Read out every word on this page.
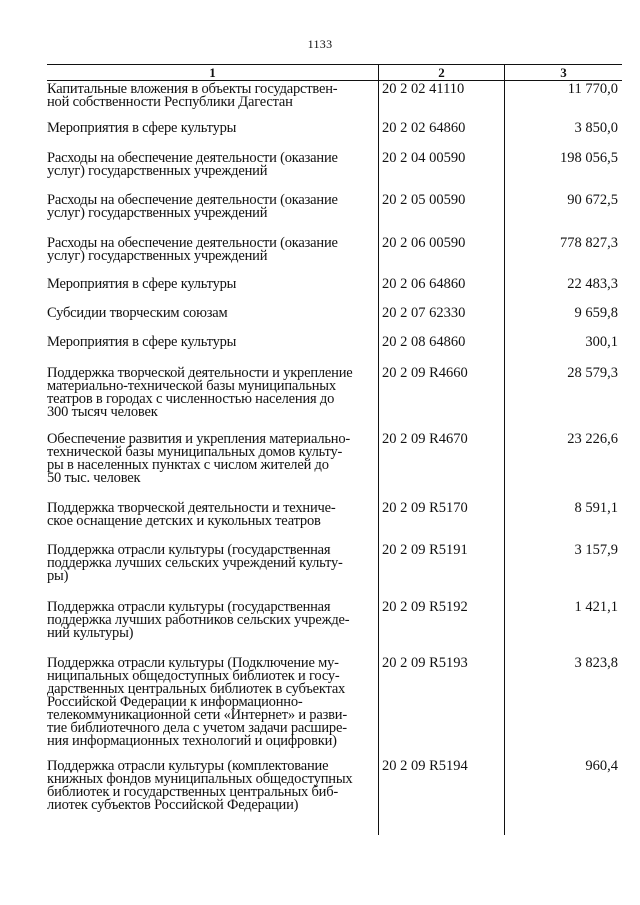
1133
1	2	3
Капитальные вложения в объекты государствен-
ной собственности Республики Дагестан
20 2 02 41110	11 770,0
Мероприятия в сфере культуры	20 2 02 64860	3 850,0
Расходы на обеспечение деятельности (оказание
услуг) государственных учреждений
20 2 04 00590	198 056,5
Расходы на обеспечение деятельности (оказание
услуг) государственных учреждений
20 2 05 00590	90 672,5
Расходы на обеспечение деятельности (оказание
услуг) государственных учреждений
20 2 06 00590	778 827,3
Мероприятия в сфере культуры	20 2 06 64860	22 483,3
Субсидии творческим союзам	20 2 07 62330	9 659,8
Мероприятия в сфере культуры	20 2 08 64860	300,1
Поддержка творческой деятельности и укрепление
материально-технической базы муниципальных
театров в городах с численностью населения до
300 тысяч человек
20 2 09 R4660	28 579,3
Обеспечение развития и укрепления материально-
технической базы муниципальных домов культу-
ры в населенных пунктах с числом жителей до
50 тыс. человек
20 2 09 R4670	23 226,6
Поддержка творческой деятельности и техниче-
ское оснащение детских и кукольных театров
20 2 09 R5170	8 591,1
Поддержка отрасли культуры (государственная
поддержка лучших сельских учреждений культу-
ры)
20 2 09 R5191	3 157,9
Поддержка отрасли культуры (государственная
поддержка лучших работников сельских учрежде-
ний культуры)
20 2 09 R5192	1 421,1
Поддержка отрасли культуры (Подключение му-
ниципальных общедоступных библиотек и госу-
дарственных центральных библиотек в субъектах
Российской Федерации к информационно-
телекоммуникационной сети «Интернет» и разви-
тие библиотечного дела с учетом задачи расшире-
ния информационных технологий и оцифровки)
20 2 09 R5193	3 823,8
Поддержка отрасли культуры (комплектование
книжных фондов муниципальных общедоступных
библиотек и государственных центральных биб-
лиотек субъектов Российской Федерации)
20 2 09 R5194	960,4
